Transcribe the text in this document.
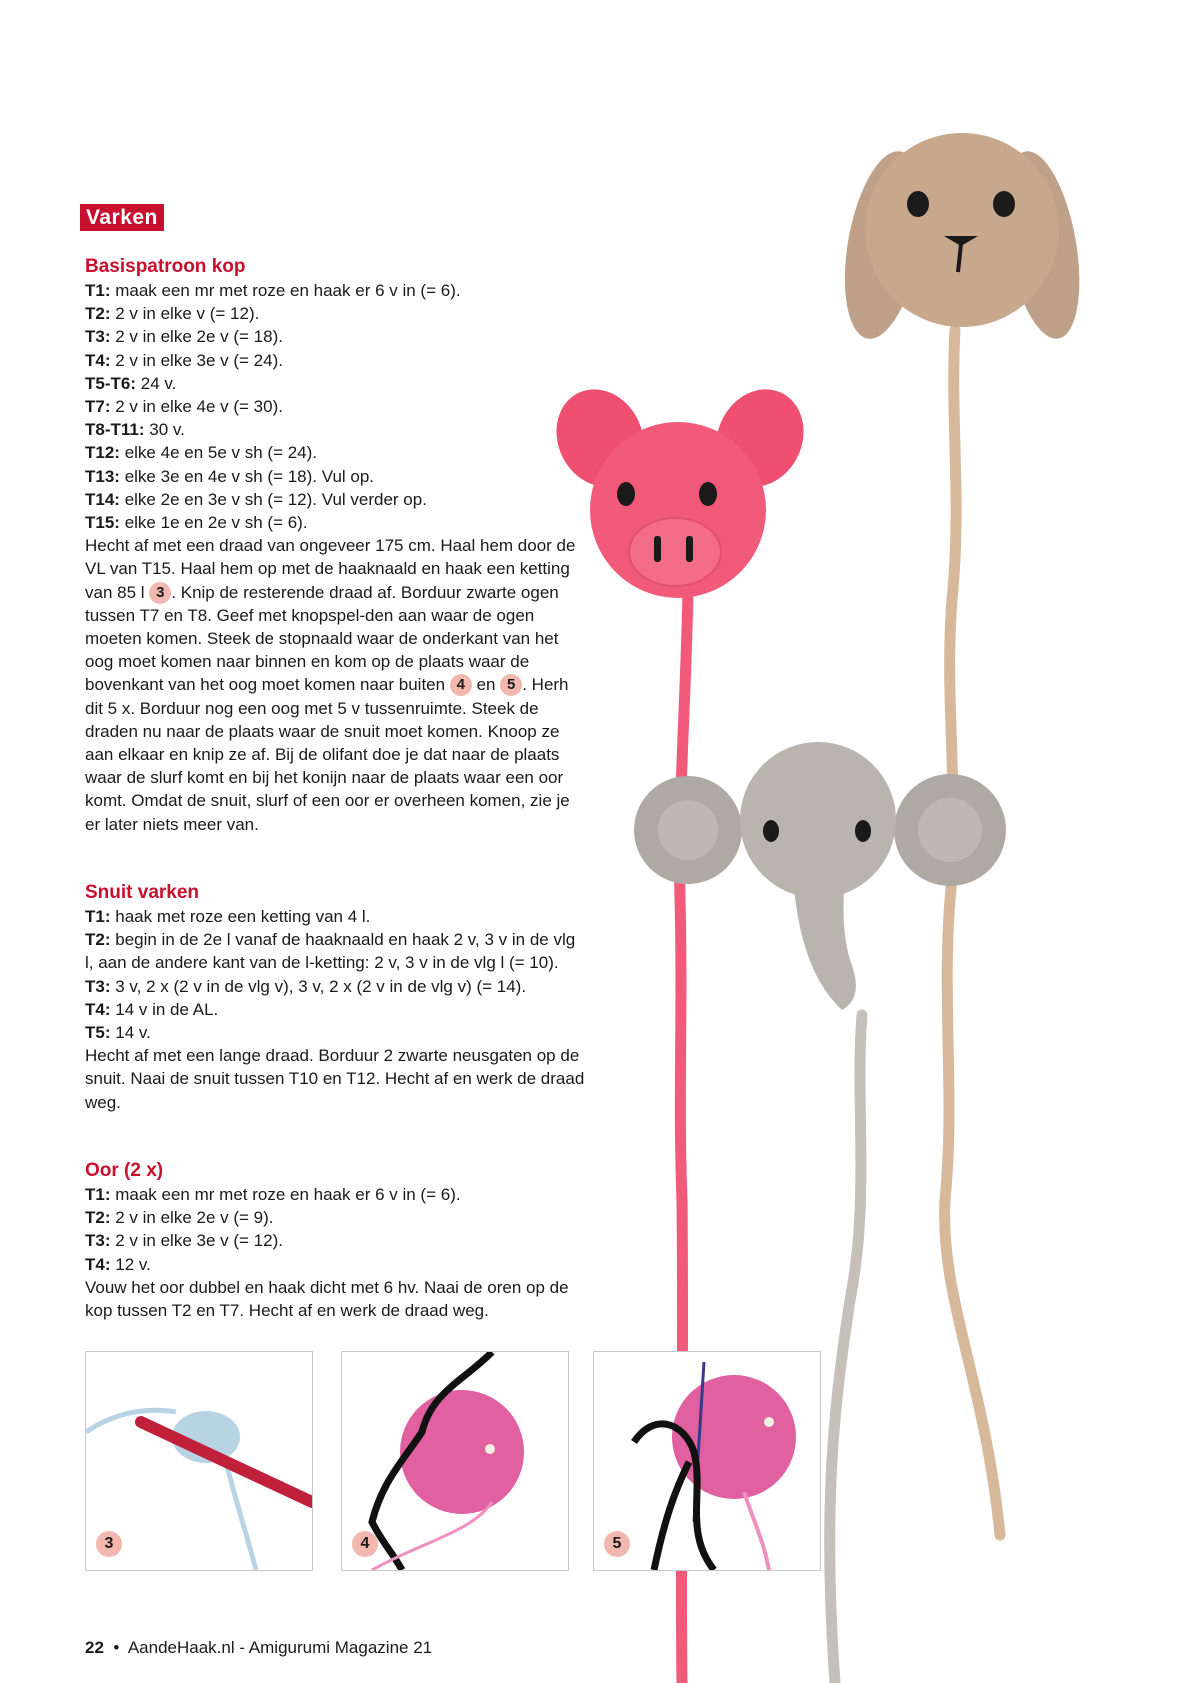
Varken

Basispatroon kop

T1: maak een mr met roze en haak er 6 v in (= 6).

T2: 2 v in elke v (= 12).

T3: 2 v in elke 2e v (= 18).

T4: 2 v in elke 3e v (= 24).

T5-T6: 24 v.

T7: 2 v in elke 4e v (= 30).

T8-T11: 30 v.

T12: elke 4e en 5e v sh (= 24).

T13: elke 3e en 4e v sh (= 18). Vul op.

T14: elke 2e en 3e v sh (= 12). Vul verder op.

T15: elke 1e en 2e v sh (= 6).

Hecht af met een draad van ongeveer 175 cm. Haal hem door de VL van T15. Haal hem op met de haaknaald en haak een ketting van 85 l 3 . Knip de resterende draad af. Borduur zwarte ogen tussen T7 en T8. Geef met knopspel-den aan waar de ogen moeten komen. Steek de stopnaald waar de onderkant van het oog moet komen naar binnen en kom op de plaats waar de bovenkant van het oog moet komen naar buiten 4 en 5 . Herh dit 5 x. Borduur nog een oog met 5 v tussenruimte. Steek de draden nu naar de plaats waar de snuit moet komen. Knoop ze aan elkaar en knip ze af. Bij de olifant doe je dat naar de plaats waar de slurf komt en bij het konijn naar de plaats waar een oor komt. Omdat de snuit, slurf of een oor er overheen komen, zie je er later niets meer van.

Snuit varken

T1: haak met roze een ketting van 4 l.

T2: begin in de 2e l vanaf de haaknaald en haak 2 v, 3 v in de vlg l, aan de andere kant van de l-ketting: 2 v, 3 v in de vlg l (= 10).

T3: 3 v, 2 x (2 v in de vlg v), 3 v, 2 x (2 v in de vlg v) (= 14).

T4: 14 v in de AL.

T5: 14 v.

Hecht af met een lange draad. Borduur 2 zwarte neusgaten op de snuit. Naai de snuit tussen T10 en T12. Hecht af en werk de draad weg.

Oor (2 x)

T1: maak een mr met roze en haak er 6 v in (= 6).

T2: 2 v in elke 2e v (= 9).

T3: 2 v in elke 3e v (= 12).

T4: 12 v.

Vouw het oor dubbel en haak dicht met 6 hv. Naai de oren op de kop tussen T2 en T7. Hecht af en werk de draad weg.

3	4	5
22 • AandeHaak.nl - Amigurumi Magazine 21
